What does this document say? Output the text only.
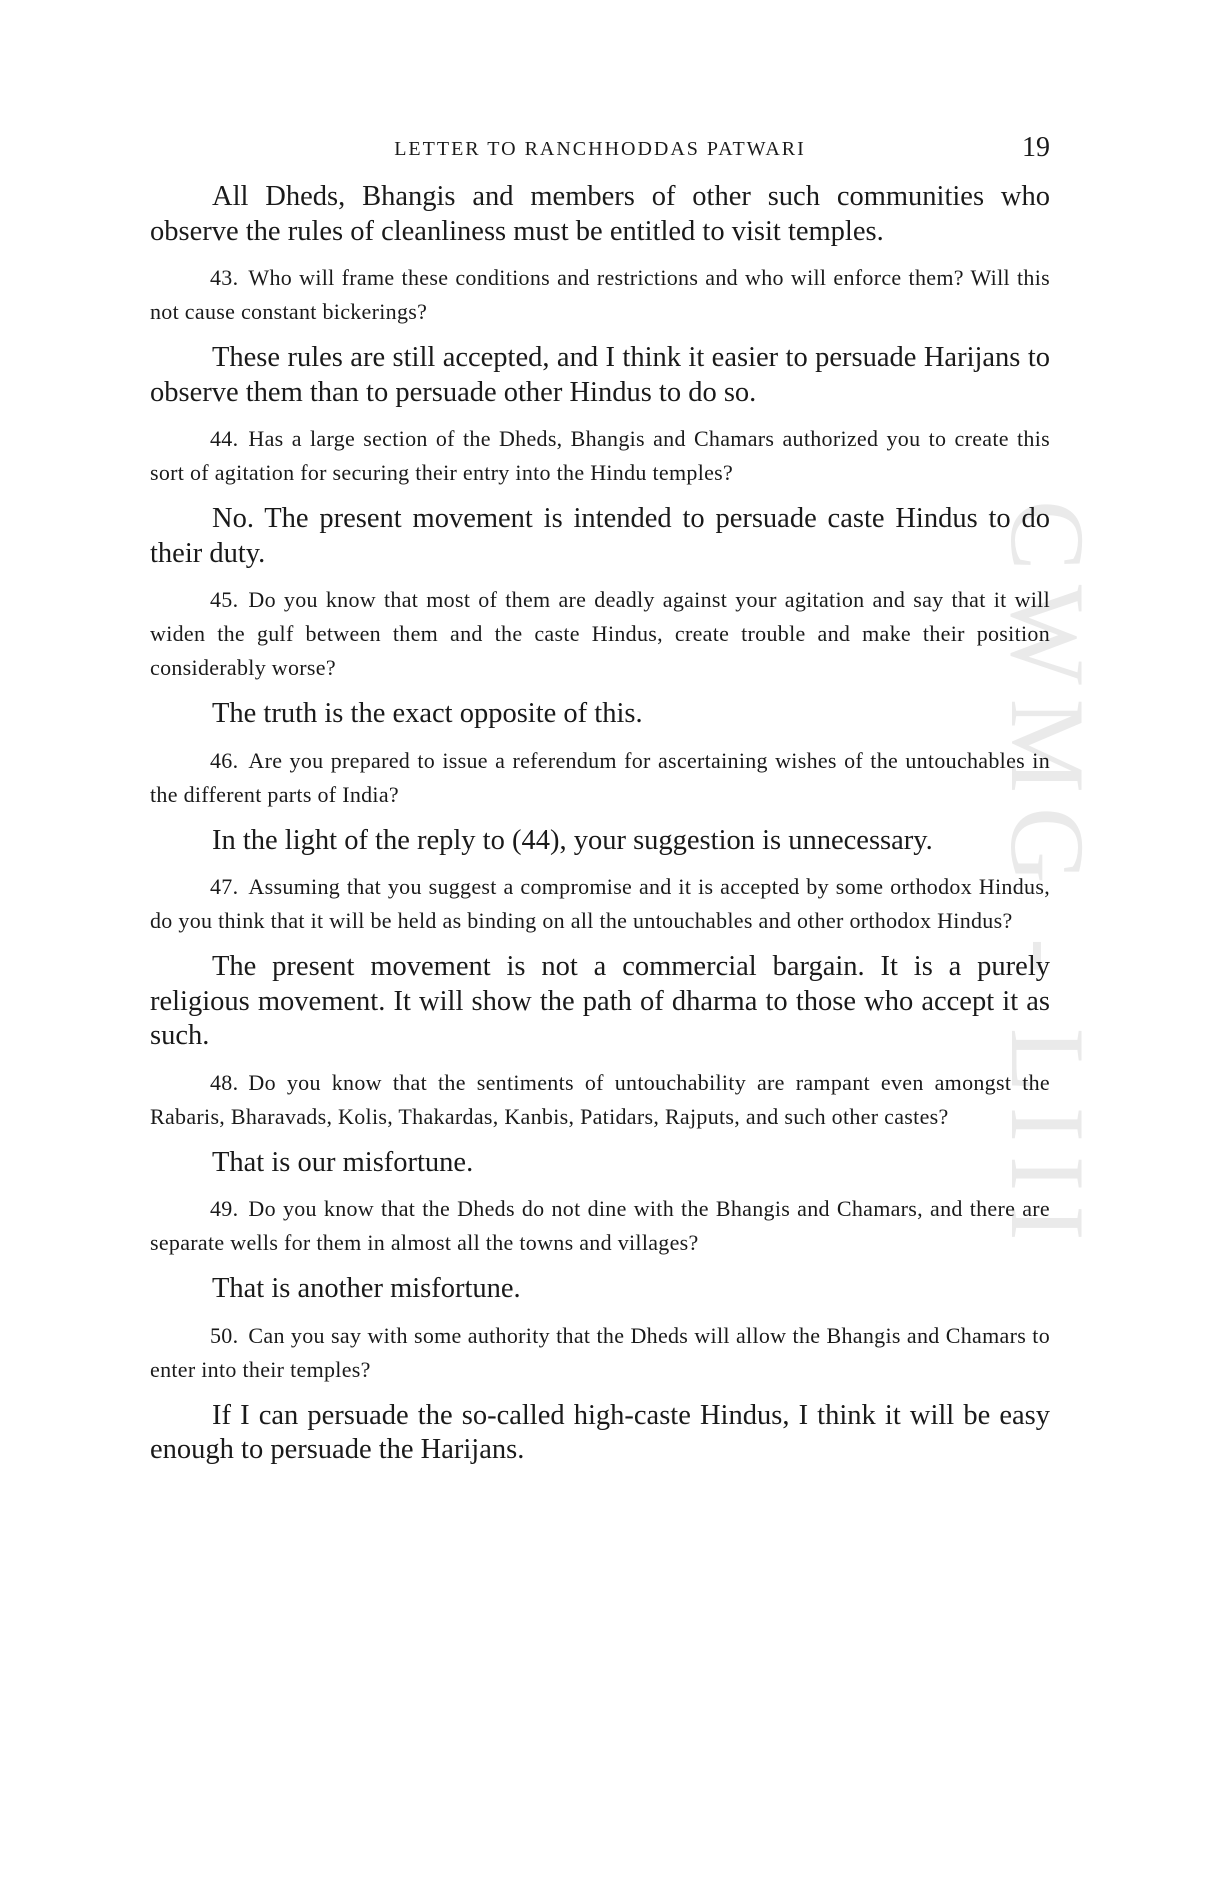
CWMG - LIII
LETTER TO RANCHHODDAS PATWARI	19

All Dheds, Bhangis and members of other such communities who observe the rules of cleanliness must be entitled to visit temples.

43. Who will frame these conditions and restrictions and who will enforce them? Will this not cause constant bickerings?

These rules are still accepted, and I think it easier to persuade Harijans to observe them than to persuade other Hindus to do so.

44. Has a large section of the Dheds, Bhangis and Chamars authorized you to create this sort of agitation for securing their entry into the Hindu temples?

No. The present movement is intended to persuade caste Hindus to do their duty.

45. Do you know that most of them are deadly against your agitation and say that it will widen the gulf between them and the caste Hindus, create trouble and make their position considerably worse?

The truth is the exact opposite of this.

46. Are you prepared to issue a referendum for ascertaining wishes of the untouchables in the different parts of India?

In the light of the reply to (44), your suggestion is unnecessary.

47. Assuming that you suggest a compromise and it is accepted by some orthodox Hindus, do you think that it will be held as binding on all the untouchables and other orthodox Hindus?

The present movement is not a commercial bargain. It is a purely religious movement. It will show the path of dharma to those who accept it as such.

48. Do you know that the sentiments of untouchability are rampant even amongst the Rabaris, Bharavads, Kolis, Thakardas, Kanbis, Patidars, Rajputs, and such other castes?

That is our misfortune.

49. Do you know that the Dheds do not dine with the Bhangis and Chamars, and there are separate wells for them in almost all the towns and villages?

That is another misfortune.

50. Can you say with some authority that the Dheds will allow the Bhangis and Chamars to enter into their temples?

If I can persuade the so-called high-caste Hindus, I think it will be easy enough to persuade the Harijans.
